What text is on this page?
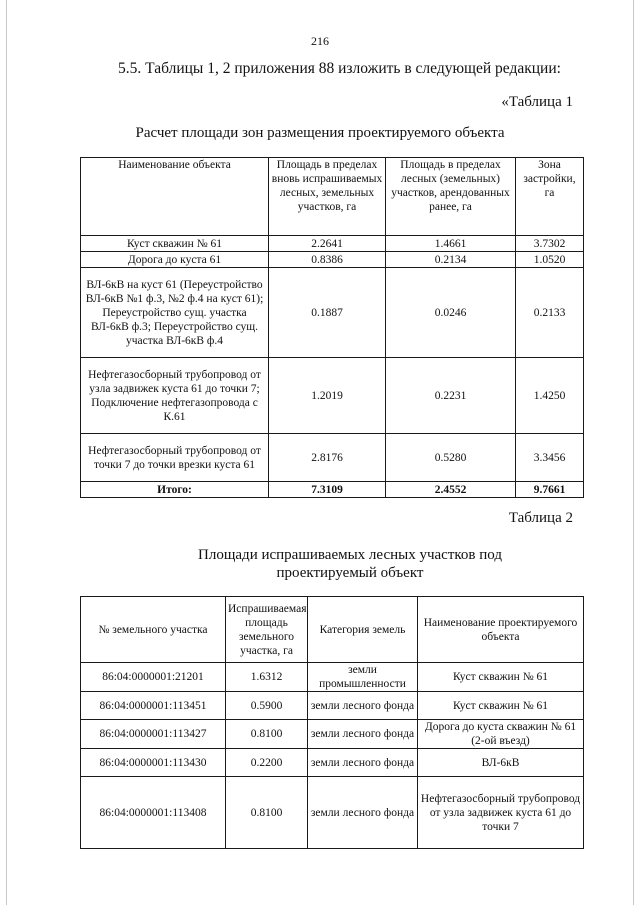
216
5.5. Таблицы 1, 2 приложения 88 изложить в следующей редакции:
«Таблица 1
Расчет площади зон размещения проектируемого объекта
Наименование объекта	Площадь в пределах вновь испрашиваемых лесных, земельных участков, га	Площадь в пределах лесных (земельных) участков, арендованных ранее, га	Зона застройки, га
Куст скважин № 61	2.2641	1.4661	3.7302
Дорога до куста 61	0.8386	0.2134	1.0520
ВЛ-6кВ на куст 61 (Переустройство ВЛ-6кВ №1 ф.3, №2 ф.4 на куст 61); Переустройство сущ. участка ВЛ-6кВ ф.3; Переустройство сущ. участка ВЛ-6кВ ф.4	0.1887	0.0246	0.2133
Нефтегазосборный трубопровод от узла задвижек куста 61 до точки 7; Подключение нефтегазопровода с К.61	1.2019	0.2231	1.4250
Нефтегазосборный трубопровод от точки 7 до точки врезки куста 61	2.8176	0.5280	3.3456
Итого:	7.3109	2.4552	9.7661
Таблица 2
Площади испрашиваемых лесных участков под проектируемый объект
№ земельного участка	Испрашиваемая площадь земельного участка, га	Категория земель	Наименование проектируемого объекта
86:04:0000001:21201	1.6312	земли промышленности	Куст скважин № 61
86:04:0000001:113451	0.5900	земли лесного фонда	Куст скважин № 61
86:04:0000001:113427	0.8100	земли лесного фонда	Дорога до куста скважин № 61 (2-ой въезд)
86:04:0000001:113430	0.2200	земли лесного фонда	ВЛ-6кВ
86:04:0000001:113408	0.8100	земли лесного фонда	Нефтегазосборный трубопровод от узла задвижек куста 61 до точки 7
